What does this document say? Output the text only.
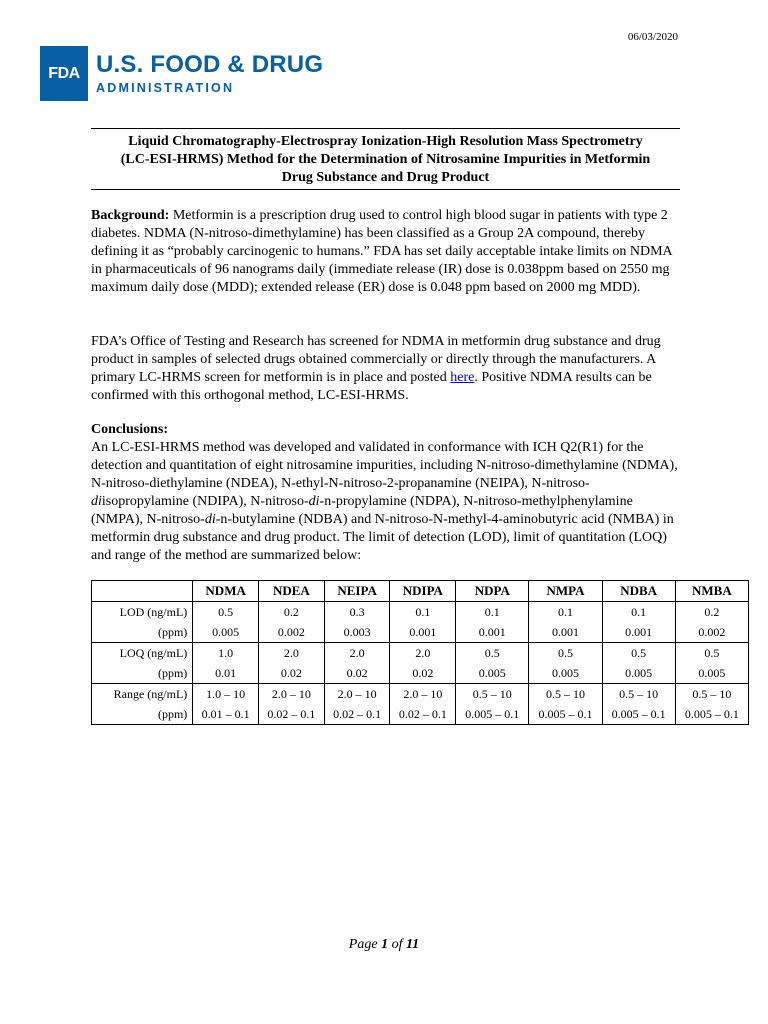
06/03/2020
FDA U.S. FOOD & DRUG
ADMINISTRATION
Liquid Chromatography-Electrospray Ionization-High Resolution Mass Spectrometry
(LC-ESI-HRMS) Method for the Determination of Nitrosamine Impurities in Metformin
Drug Substance and Drug Product
Background: Metformin is a prescription drug used to control high blood sugar in patients with type 2 diabetes. NDMA (N-nitroso-dimethylamine) has been classified as a Group 2A compound, thereby defining it as “probably carcinogenic to humans.” FDA has set daily acceptable intake limits on NDMA in pharmaceuticals of 96 nanograms daily (immediate release (IR) dose is 0.038ppm based on 2550 mg maximum daily dose (MDD); extended release (ER) dose is 0.048 ppm based on 2000 mg MDD).
FDA’s Office of Testing and Research has screened for NDMA in metformin drug substance and drug product in samples of selected drugs obtained commercially or directly through the manufacturers. A primary LC-HRMS screen for metformin is in place and posted here. Positive NDMA results can be confirmed with this orthogonal method, LC-ESI-HRMS.
Conclusions:
An LC-ESI-HRMS method was developed and validated in conformance with ICH Q2(R1) for the detection and quantitation of eight nitrosamine impurities, including N-nitroso-dimethylamine (NDMA), N-nitroso-diethylamine (NDEA), N-ethyl-N-nitroso-2-propanamine (NEIPA), N-nitroso-diisopropylamine (NDIPA), N-nitroso-di-n-propylamine (NDPA), N-nitroso-methylphenylamine (NMPA), N-nitroso-di-n-butylamine (NDBA) and N-nitroso-N-methyl-4-aminobutyric acid (NMBA) in metformin drug substance and drug product. The limit of detection (LOD), limit of quantitation (LOQ) and range of the method are summarized below:
	NDMA	NDEA	NEIPA	NDIPA	NDPA	NMPA	NDBA	NMBA
LOD (ng/mL)	0.5	0.2	0.3	0.1	0.1	0.1	0.1	0.2
(ppm)	0.005	0.002	0.003	0.001	0.001	0.001	0.001	0.002
LOQ (ng/mL)	1.0	2.0	2.0	2.0	0.5	0.5	0.5	0.5
(ppm)	0.01	0.02	0.02	0.02	0.005	0.005	0.005	0.005
Range (ng/mL)	1.0 – 10	2.0 – 10	2.0 – 10	2.0 – 10	0.5 – 10	0.5 – 10	0.5 – 10	0.5 – 10
(ppm)	0.01 – 0.1	0.02 – 0.1	0.02 – 0.1	0.02 – 0.1	0.005 – 0.1	0.005 – 0.1	0.005 – 0.1	0.005 – 0.1
Page 1 of 11
